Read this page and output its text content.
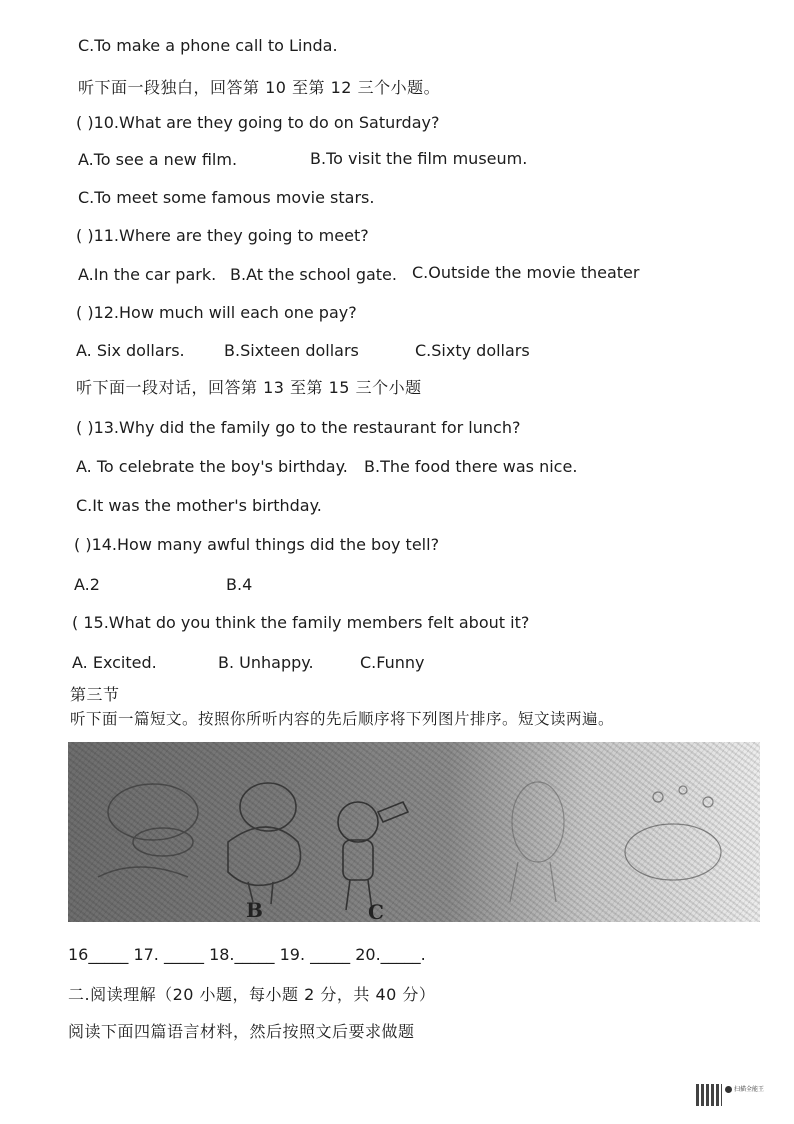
C.To make a phone call to Linda.
听下面一段独白，回答第 10 至第 12 三个小题。
( )10.What are they going to do on Saturday?
A.To see a new film.	B.To visit the film museum.
C.To meet some famous movie stars.
( )11.Where are they going to meet?
A.In the car park. B.At the school gate. C.Outside the movie theater
( )12.How much will each one pay?
A. Six dollars. B.Sixteen dollars	C.Sixty dollars
听下面一段对话，回答第 13 至第 15 三个小题
( )13.Why did the family go to the restaurant for lunch?
A. To celebrate the boy's birthday. B.The food there was nice.
C.It was the mother's birthday.
( )14.How many awful things did the boy tell?
A.2	B.4
( 15.What do you think the family members felt about it?
A. Excited.	B. Unhappy.	C.Funny
第三节
听下面一篇短文。按照你所听内容的先后顺序将下列图片排序。短文读两遍。
B	C
16_____ 17. _____ 18._____ 19. _____ 20._____.
二.阅读理解（20 小题，每小题 2 分，共 40 分）
阅读下面四篇语言材料，然后按照文后要求做题
扫描全能王
